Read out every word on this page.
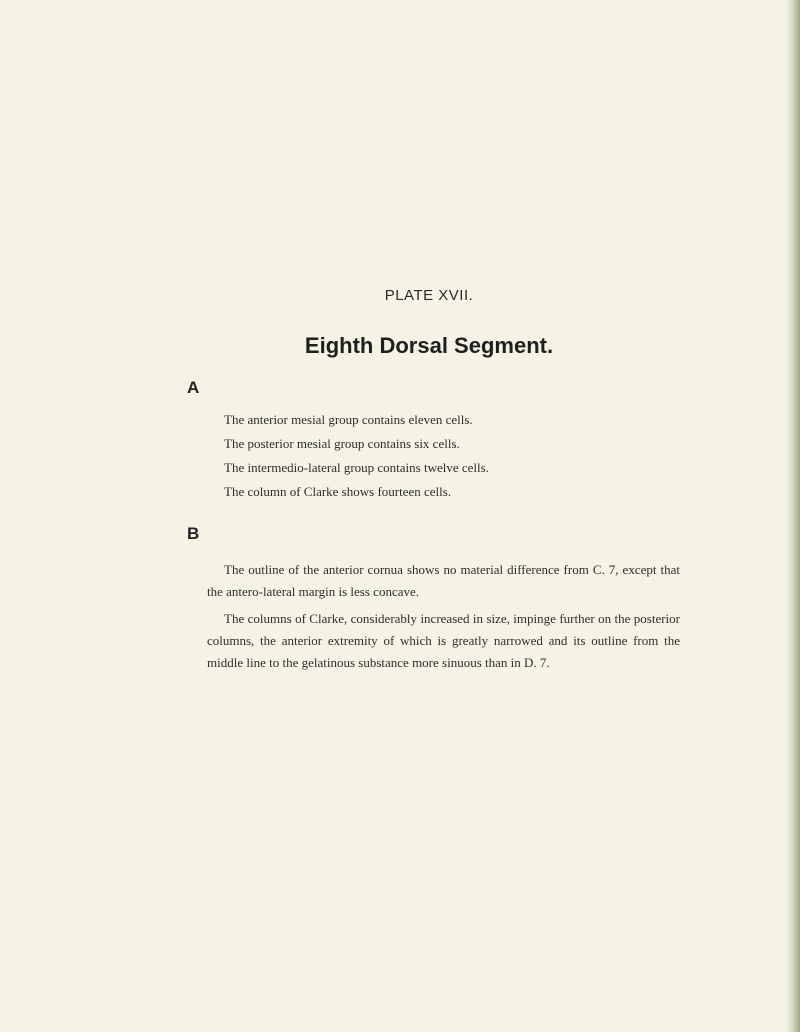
PLATE XVII.
Eighth Dorsal Segment.
A
The anterior mesial group contains eleven cells.
The posterior mesial group contains six cells.
The intermedio-lateral group contains twelve cells.
The column of Clarke shows fourteen cells.
B
The outline of the anterior cornua shows no material difference from C. 7, except that the antero-lateral margin is less concave.
The columns of Clarke, considerably increased in size, impinge further on the posterior columns, the anterior extremity of which is greatly narrowed and its outline from the middle line to the gelatinous substance more sinuous than in D. 7.
